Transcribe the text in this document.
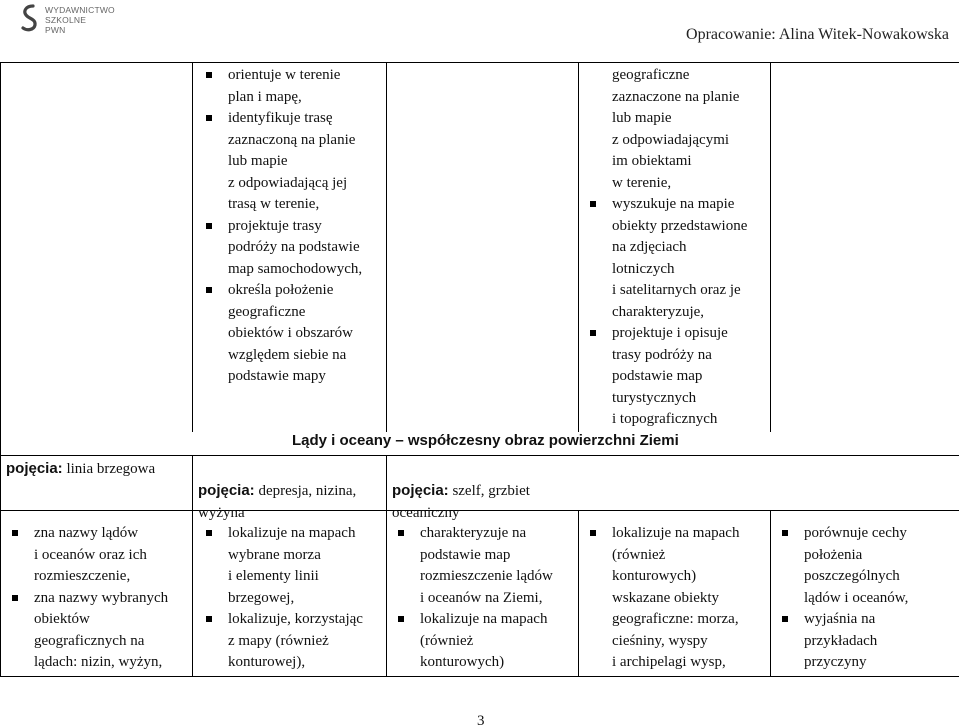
WYDAWNICTWO
SZKOLNE
PWN	Opracowanie: Alina Witek-Nowakowska
orientuje w terenie
plan i mapę,
identyfikuje trasę
zaznaczoną na planie
lub mapie
z odpowiadającą jej
trasą w terenie,
projektuje trasy
podróży na podstawie
map samochodowych,
określa położenie
geograficzne
obiektów i obszarów
względem siebie na
podstawie mapy
geograficzne
zaznaczone na planie
lub mapie
z odpowiadającymi
im obiektami
w terenie,
wyszukuje na mapie
obiekty przedstawione
na zdjęciach
lotniczych
i satelitarnych oraz je
charakteryzuje,
projektuje i opisuje
trasy podróży na
podstawie map
turystycznych
i topograficznych
Lądy i oceany – współczesny obraz powierzchni Ziemi
pojęcia: linia brzegowa

pojęcia: depresja, nizina,
wyżyna

pojęcia: szelf, grzbiet
oceaniczny

zna nazwy lądów
i oceanów oraz ich
rozmieszczenie,
zna nazwy wybranych
obiektów
geograficznych na
lądach: nizin, wyżyn,
lokalizuje na mapach
wybrane morza
i elementy linii
brzegowej,
lokalizuje, korzystając
z mapy (również
konturowej),
charakteryzuje na
podstawie map
rozmieszczenie lądów
i oceanów na Ziemi,
lokalizuje na mapach
(również
konturowych)
lokalizuje na mapach
(również
konturowych)
wskazane obiekty
geograficzne: morza,
cieśniny, wyspy
i archipelagi wysp,
porównuje cechy
położenia
poszczególnych
lądów i oceanów,
wyjaśnia na
przykładach
przyczyny
3
